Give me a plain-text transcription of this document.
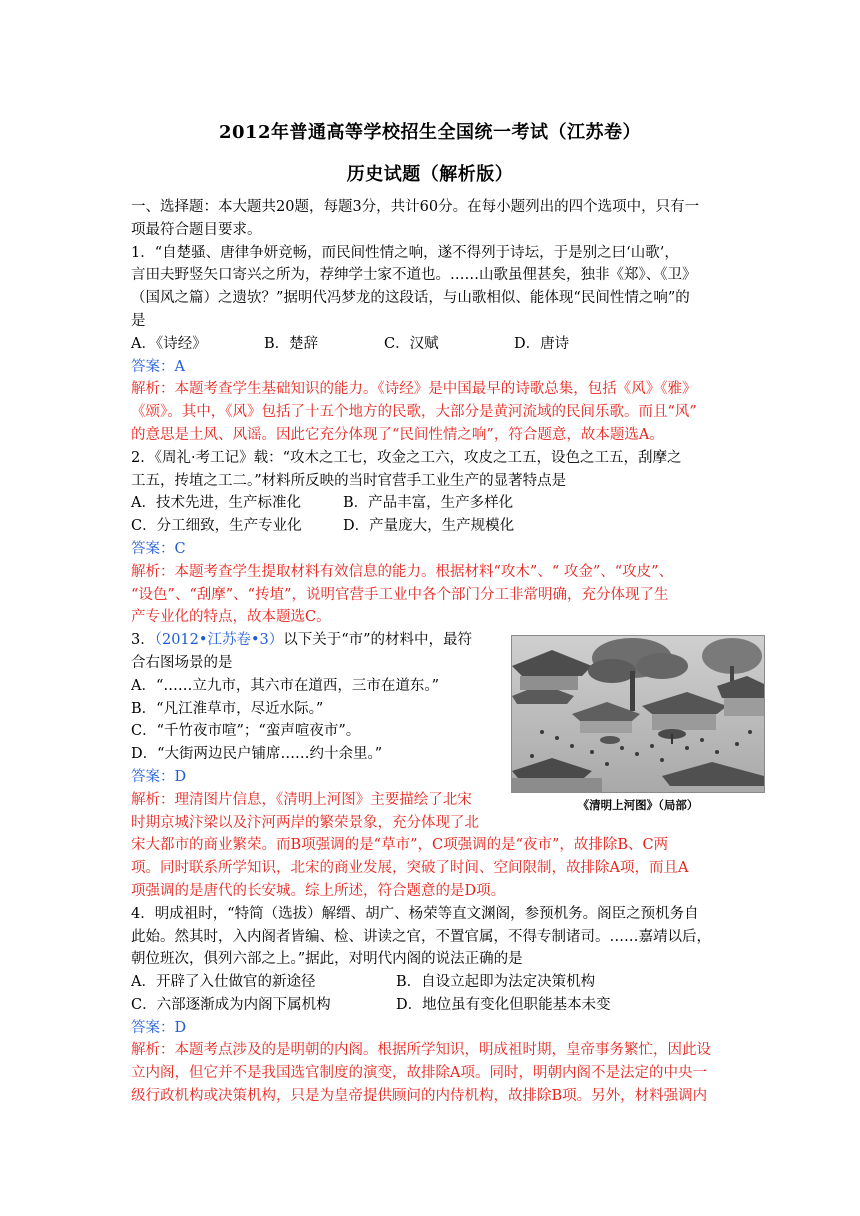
2012年普通高等学校招生全国统一考试（江苏卷）
历史试题（解析版）
一、选择题：本大题共20题，每题3分，共计60分。在每小题列出的四个选项中，只有一
项最符合题目要求。
1．“自楚骚、唐律争妍竞畅，而民间性情之响，遂不得列于诗坛，于是别之曰‘山歌’，
言田夫野竖矢口寄兴之所为，荐绅学士家不道也。……山歌虽俚甚矣，独非《郑》、《卫》
（国风之篇）之遗欤？”据明代冯梦龙的这段话，与山歌相似、能体现“民间性情之响”的
是
A．《诗经》	B．楚辞	C．汉赋	D．唐诗
答案：A
解析：本题考查学生基础知识的能力。《诗经》是中国最早的诗歌总集，包括《风》《雅》
《颂》。其中，《风》包括了十五个地方的民歌，大部分是黄河流域的民间乐歌。而且“风”
的意思是土风、风谣。因此它充分体现了“民间性情之响”，符合题意，故本题选A。
2．《周礼·考工记》载：“攻木之工七，攻金之工六，攻皮之工五，设色之工五，刮摩之
工五，抟埴之工二。”材料所反映的当时官营手工业生产的显著特点是
A．技术先进，生产标准化	B．产品丰富，生产多样化
C．分工细致，生产专业化	D．产量庞大，生产规模化
答案：C
解析：本题考查学生提取材料有效信息的能力。根据材料“攻木”、“ 攻金”、“攻皮”、
“设色”、“刮摩”、“抟埴”，说明官营手工业中各个部门分工非常明确，充分体现了生
产专业化的特点，故本题选C。
3．（2012•江苏卷•3）以下关于“市”的材料中，最符
合右图场景的是
A．“……立九市，其六市在道西，三市在道东。”
B．“凡江淮草市，尽近水际。”
C．“千竹夜市喧”；“蛮声喧夜市”。
D．“大街两边民户铺席……约十余里。”
答案：D
解析：理清图片信息，《清明上河图》主要描绘了北宋
时期京城汴梁以及汴河两岸的繁荣景象，充分体现了北
宋大都市的商业繁荣。而B项强调的是“草市”，C项强调的是“夜市”，故排除B、C两
项。同时联系所学知识，北宋的商业发展，突破了时间、空间限制，故排除A项，而且A
项强调的是唐代的长安城。综上所述，符合题意的是D项。
4．明成祖时，“特简（选拔）解缙、胡广、杨荣等直文渊阁，参预机务。阁臣之预机务自
此始。然其时，入内阁者皆编、检、讲读之官，不置官属，不得专制诸司。……嘉靖以后，
朝位班次，俱列六部之上。”据此，对明代内阁的说法正确的是
A．开辟了入仕做官的新途径	B．自设立起即为法定决策机构
C．六部逐渐成为内阁下属机构	D．地位虽有变化但职能基本未变
答案：D
解析：本题考点涉及的是明朝的内阁。根据所学知识，明成祖时期，皇帝事务繁忙，因此设
立内阁，但它并不是我国选官制度的演变，故排除A项。同时，明朝内阁不是法定的中央一
级行政机构或决策机构，只是为皇帝提供顾问的内侍机构，故排除B项。另外，材料强调内
《清明上河图》（局部）
